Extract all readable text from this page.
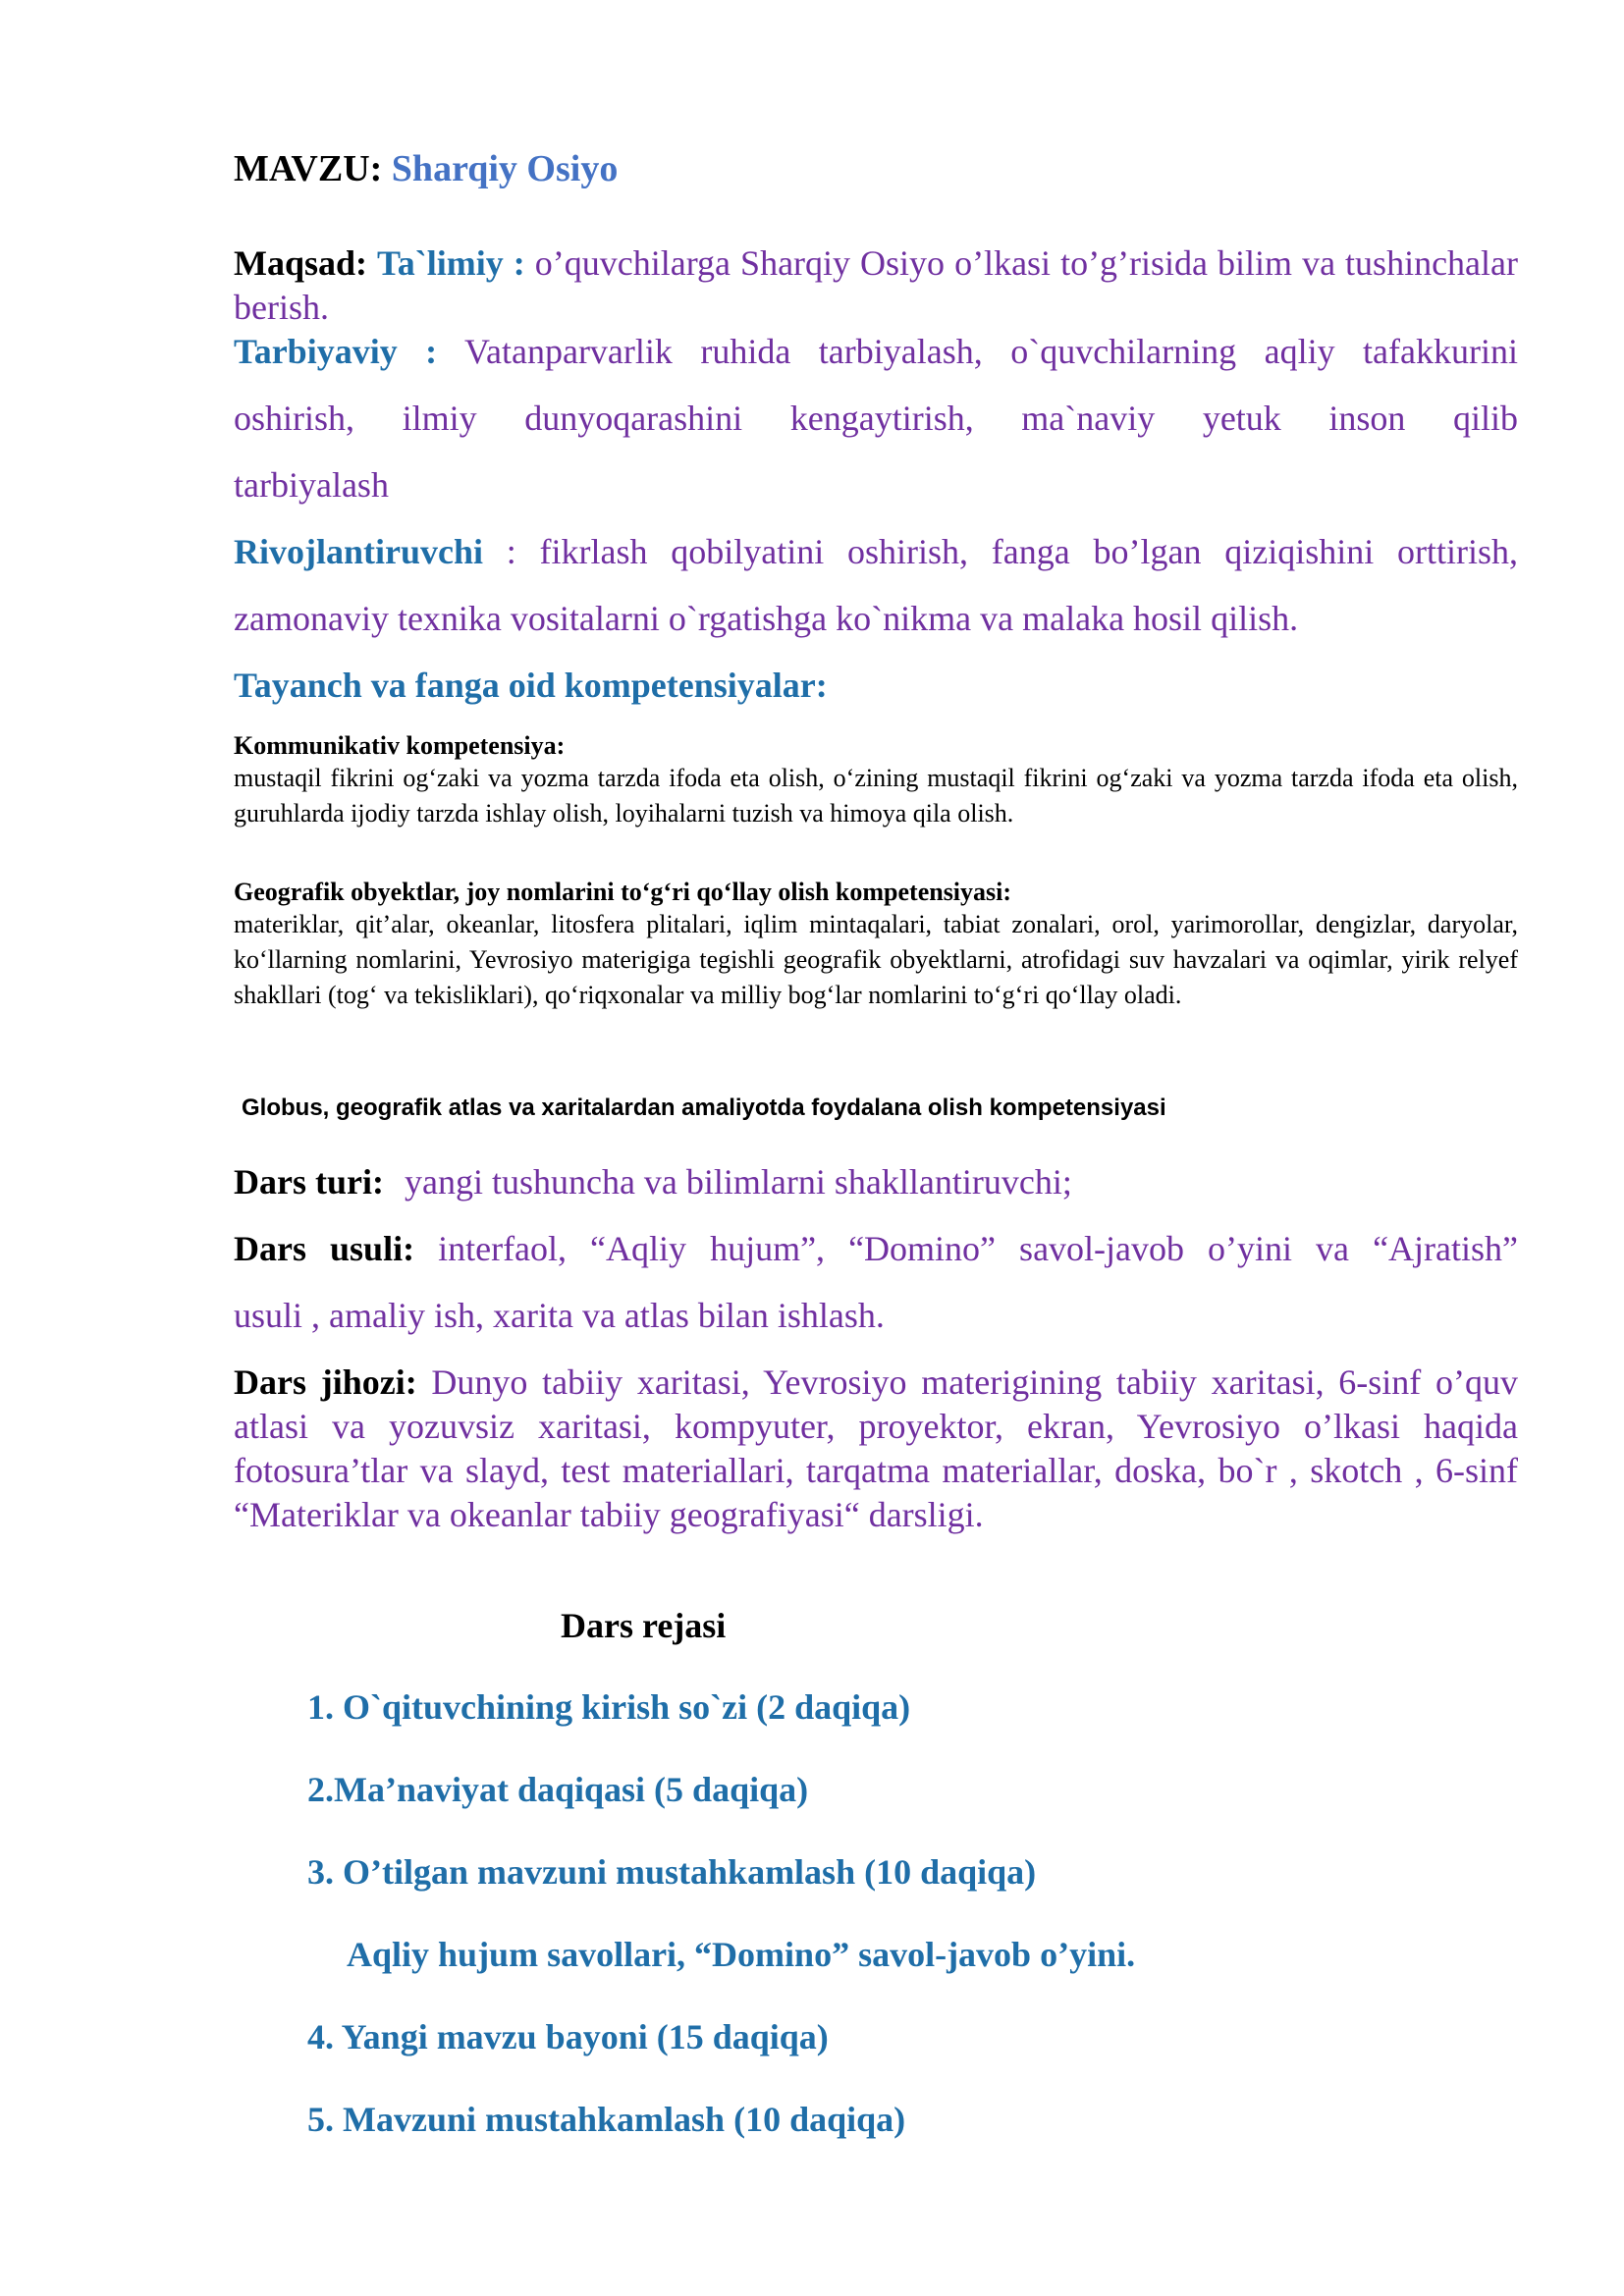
MAVZU: Sharqiy Osiyo
Maqsad: Ta`limiy : o’quvchilarga Sharqiy Osiyo o’lkasi to’g’risida bilim va tushinchalar berish.
Tarbiyaviy : Vatanparvarlik ruhida tarbiyalash, o`quvchilarning aqliy tafakkurini
oshirish, ilmiy dunyoqarashini kengaytirish, ma`naviy yetuk inson qilib
tarbiyalash
Rivojlantiruvchi : fikrlash qobilyatini oshirish, fanga bo’lgan qiziqishini orttirish,
zamonaviy texnika vositalarni o`rgatishga ko`nikma va malaka hosil qilish.
Tayanch va fanga oid kompetensiyalar:
Kommunikativ kompetensiya:
mustaqil fikrini og‘zaki va yozma tarzda ifoda eta olish, o‘zining mustaqil fikrini og‘zaki va yozma tarzda ifoda eta olish, guruhlarda ijodiy tarzda ishlay olish, loyihalarni tuzish va himoya qila olish.
Geografik obyektlar, joy nomlarini to‘g‘ri qo‘llay olish kompetensiyasi:
materiklar, qit’alar, okeanlar, litosfera plitalari, iqlim mintaqalari, tabiat zonalari, orol, yarimorollar, dengizlar, daryolar, ko‘llarning nomlarini, Yevrosiyo materigiga tegishli geografik obyektlarni, atrofidagi suv havzalari va oqimlar, yirik relyef shakllari (tog‘ va tekisliklari), qo‘riqxonalar va milliy bog‘lar nomlarini to‘g‘ri qo‘llay oladi.
Globus, geografik atlas va xaritalardan amaliyotda foydalana olish kompetensiyasi
Dars turi: yangi tushuncha va bilimlarni shakllantiruvchi;
Dars usuli: interfaol, “Aqliy hujum”, “Domino” savol-javob o’yini va “Ajratish”
usuli , amaliy ish, xarita va atlas bilan ishlash.
Dars jihozi: Dunyo tabiiy xaritasi, Yevrosiyo materigining tabiiy xaritasi, 6-sinf o’quv atlasi va yozuvsiz xaritasi, kompyuter, proyektor, ekran, Yevrosiyo o’lkasi haqida fotosura’tlar va slayd, test materiallari, tarqatma materiallar, doska, bo`r , skotch , 6-sinf “Materiklar va okeanlar tabiiy geografiyasi“ darsligi.
Dars rejasi
1. O`qituvchining kirish so`zi (2 daqiqa)
2.Ma’naviyat daqiqasi (5 daqiqa)
3. O’tilgan mavzuni mustahkamlash (10 daqiqa)
Aqliy hujum savollari, “Domino” savol-javob o’yini.
4. Yangi mavzu bayoni (15 daqiqa)
5. Mavzuni mustahkamlash (10 daqiqa)
